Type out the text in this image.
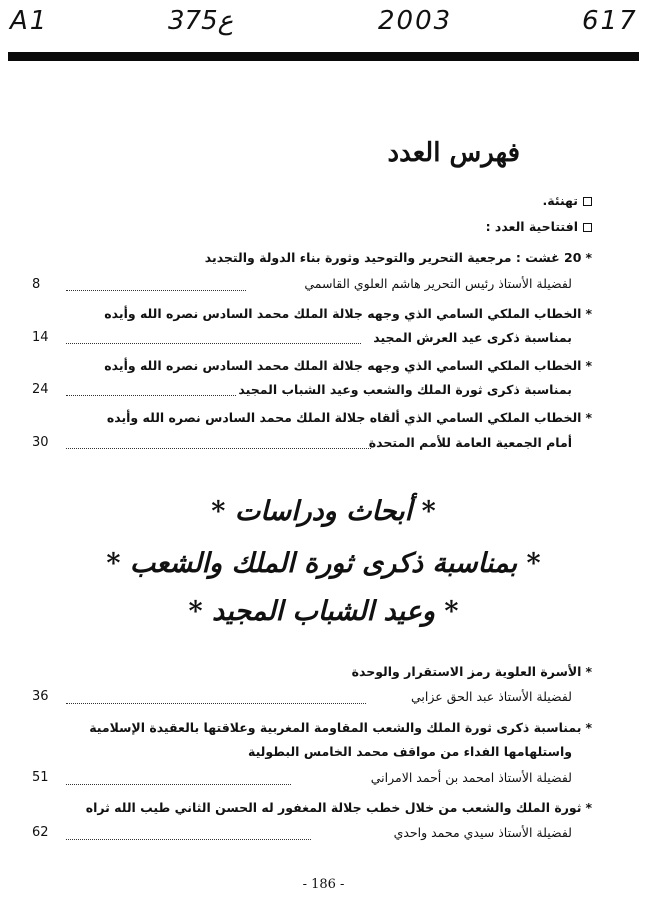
A1	375ع	2003	617
فهرس العدد
تهنئة.
افتتاحية العدد :
*20 غشت : مرجعية التحرير والتوحيد وثورة بناء الدولة والتجديد
لفضيلة الأستاذ رئيس التحرير هاشم العلوي القاسمي
8
*الخطاب الملكي السامي الذي وجهه جلالة الملك محمد السادس نصره الله وأيده
بمناسبة ذكرى عيد العرش المجيد
14
*الخطاب الملكي السامي الذي وجهه جلالة الملك محمد السادس نصره الله وأيده
بمناسبة ذكرى ثورة الملك والشعب وعيد الشباب المجيد
24
*الخطاب الملكي السامي الذي ألقاه جلالة الملك محمد السادس نصره الله وأيده
أمام الجمعية العامة للأمم المتحدة
30
*الأسرة العلوية رمز الاستقرار والوحدة
لفضيلة الأستاذ عبد الحق عزابي
36
*بمناسبة ذكرى ثورة الملك والشعب المقاومة المغربية وعلاقتها بالعقيدة الإسلامية
واستلهامها الفداء من مواقف محمد الخامس البطولية
لفضيلة الأستاذ امحمد بن أحمد الامراني
51
*ثورة الملك والشعب من خلال خطب جلالة المغفور له الحسن الثاني طيب الله ثراه
لفضيلة الأستاذ سيدي محمد واحدي
62
* أبحاث ودراسات *
* بمناسبة ذكرى ثورة الملك والشعب *
* وعيد الشباب المجيد *
- 186 -
